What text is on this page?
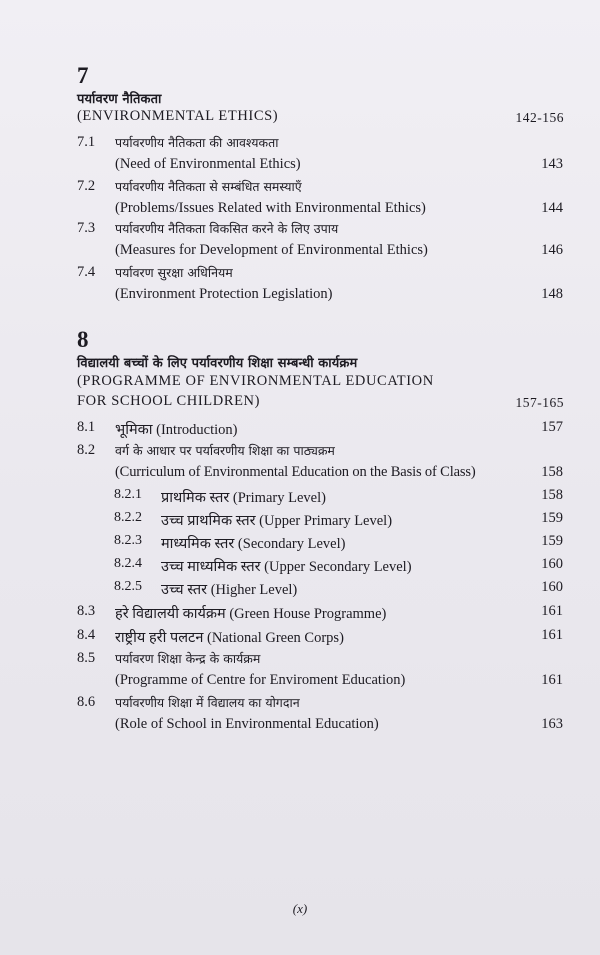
7
पर्यावरण नैतिकता
(ENVIRONMENTAL ETHICS)	142-156
7.1 पर्यावरणीय नैतिकता की आवश्यकता
(Need of Environmental Ethics)	143
7.2 पर्यावरणीय नैतिकता से सम्बंधित समस्याएँ
(Problems/Issues Related with Environmental Ethics)	144
7.3 पर्यावरणीय नैतिकता विकसित करने के लिए उपाय
(Measures for Development of Environmental Ethics)	146
7.4 पर्यावरण सुरक्षा अधिनियम
(Environment Protection Legislation)	148
8
विद्यालयी बच्चों के लिए पर्यावरणीय शिक्षा सम्बन्धी कार्यक्रम
(PROGRAMME OF ENVIRONMENTAL EDUCATION
FOR SCHOOL CHILDREN)	157-165
8.1 भूमिका (Introduction)	157
8.2 वर्ग के आधार पर पर्यावरणीय शिक्षा का पाठ्यक्रम
(Curriculum of Environmental Education on the Basis of Class)	158
8.2.1 प्राथमिक स्तर (Primary Level)	158
8.2.2 उच्च प्राथमिक स्तर (Upper Primary Level)	159
8.2.3 माध्यमिक स्तर (Secondary Level)	159
8.2.4 उच्च माध्यमिक स्तर (Upper Secondary Level)	160
8.2.5 उच्च स्तर (Higher Level)	160
8.3 हरे विद्यालयी कार्यक्रम (Green House Programme)	161
8.4 राष्ट्रीय हरी पलटन (National Green Corps)	161
8.5 पर्यावरण शिक्षा केन्द्र के कार्यक्रम
(Programme of Centre for Enviroment Education)	161
8.6 पर्यावरणीय शिक्षा में विद्यालय का योगदान
(Role of School in Environmental Education)	163
(x)
